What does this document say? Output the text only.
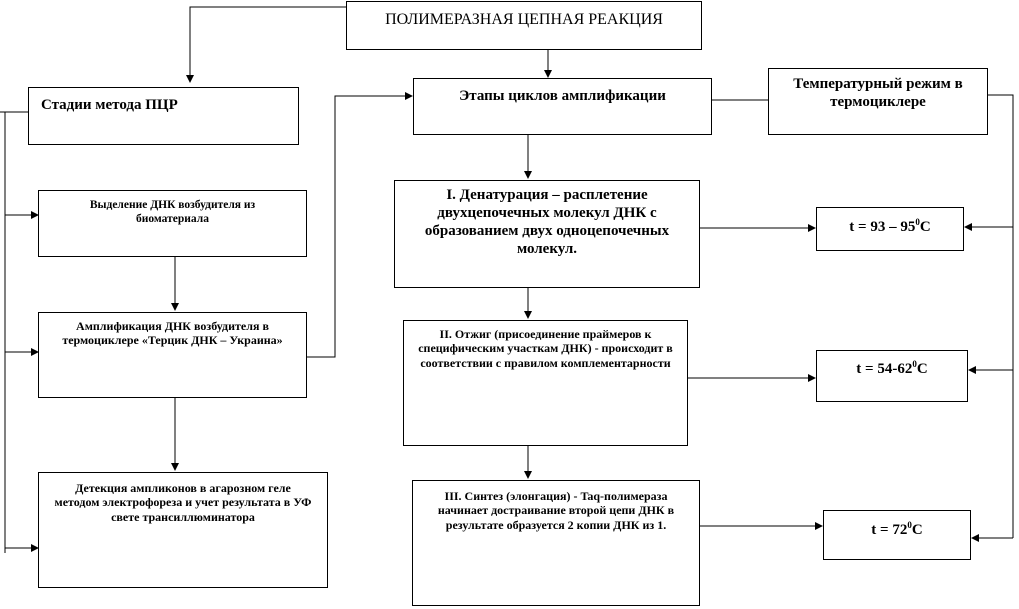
ПОЛИМЕРАЗНАЯ ЦЕПНАЯ РЕАКЦИЯ
Стадии метода ПЦР
Выделение ДНК возбудителя из биоматериала
Амплификация ДНК возбудителя в термоциклере «Терцик ДНК – Украина»
Детекция ампликонов в агарозном геле методом электрофореза и учет результата в УФ свете трансиллюминатора
Этапы циклов амплификации
I. Денатурация – расплетение двухцепочечных молекул ДНК с образованием двух одноцепочечных молекул.
II. Отжиг (присоединение праймеров к специфическим участкам ДНК) - происходит в соответствии с правилом комплементарности
III. Синтез (элонгация) - Taq-полимераза начинает достраивание второй цепи ДНК в результате образуется 2 копии ДНК из 1.
Температурный режим в термоциклере
$t = 93 - 95^0C$
$t = 54-62^0C$
$t = 72^0C$
